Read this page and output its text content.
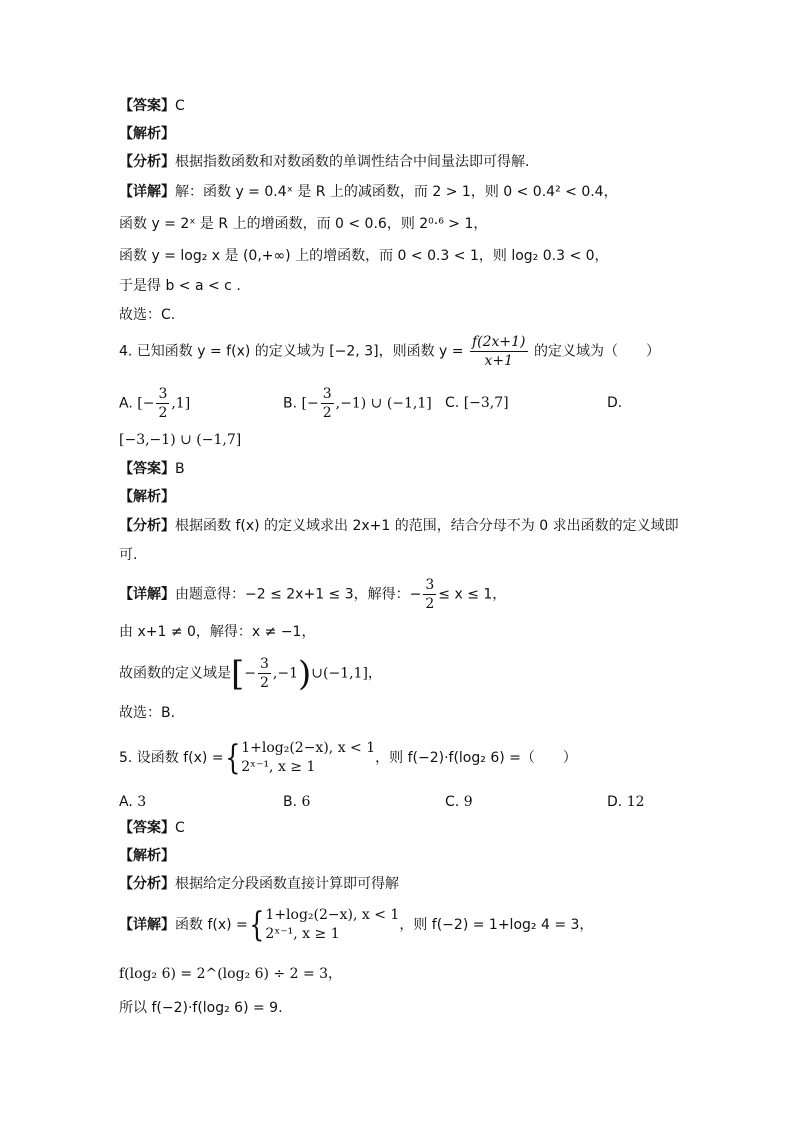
【答案】C
【解析】
【分析】根据指数函数和对数函数的单调性结合中间量法即可得解.
【详解】解：函数 y = 0.4ˣ 是 R 上的减函数，而 2 > 1，则 0 < 0.4² < 0.4，
函数 y = 2ˣ 是 R 上的增函数，而 0 < 0.6，则 2⁰·⁶ > 1，
函数 y = log₂ x 是 (0,+∞) 上的增函数，而 0 < 0.3 < 1，则 log₂ 0.3 < 0，
于是得 b < a < c .
故选：C.
4. 已知函数 y = f(x) 的定义域为 [−2, 3]，则函数 $y = \frac{f(2x+1)}{x+1}$ 的定义域为（　　）
A. [− $\frac{3}{2} ,1$]	B. [− $\frac{3}{2} ,-1$) ∪ (−1,1] C. [−3,7]	D.
[−3,−1) ∪ (−1,7]
【答案】B
【解析】
【分析】根据函数 f(x) 的定义域求出 2x+1 的范围，结合分母不为 0 求出函数的定义域即
可.
【详解】由题意得：−2 ≤ 2x+1 ≤ 3，解得：− $\frac{3}{2} \le x \le 1$，
由 x+1 ≠ 0，解得：x ≠ −1，
故函数的定义域是[− $\frac{3}{2}$ ,−1)∪(−1,1]，
故选：B.
5. 设函数 f(x) ={ 1+log₂(2−x), x < 1
2ˣ⁻¹, x ≥ 1
，则 f(−2)·f(log₂ 6) =（　　）
A. 3	B. 6	C. 9	D. 12
【答案】C
【解析】
【分析】根据给定分段函数直接计算即可得解
【详解】函数 f(x) ={ 1+log₂(2−x), x < 1
2ˣ⁻¹, x ≥ 1
，则 f(−2) = 1+log₂ 4 = 3，
f(log₂ 6) = 2^(log₂ 6) ÷ 2 = 3，
所以 f(−2)·f(log₂ 6) = 9.
